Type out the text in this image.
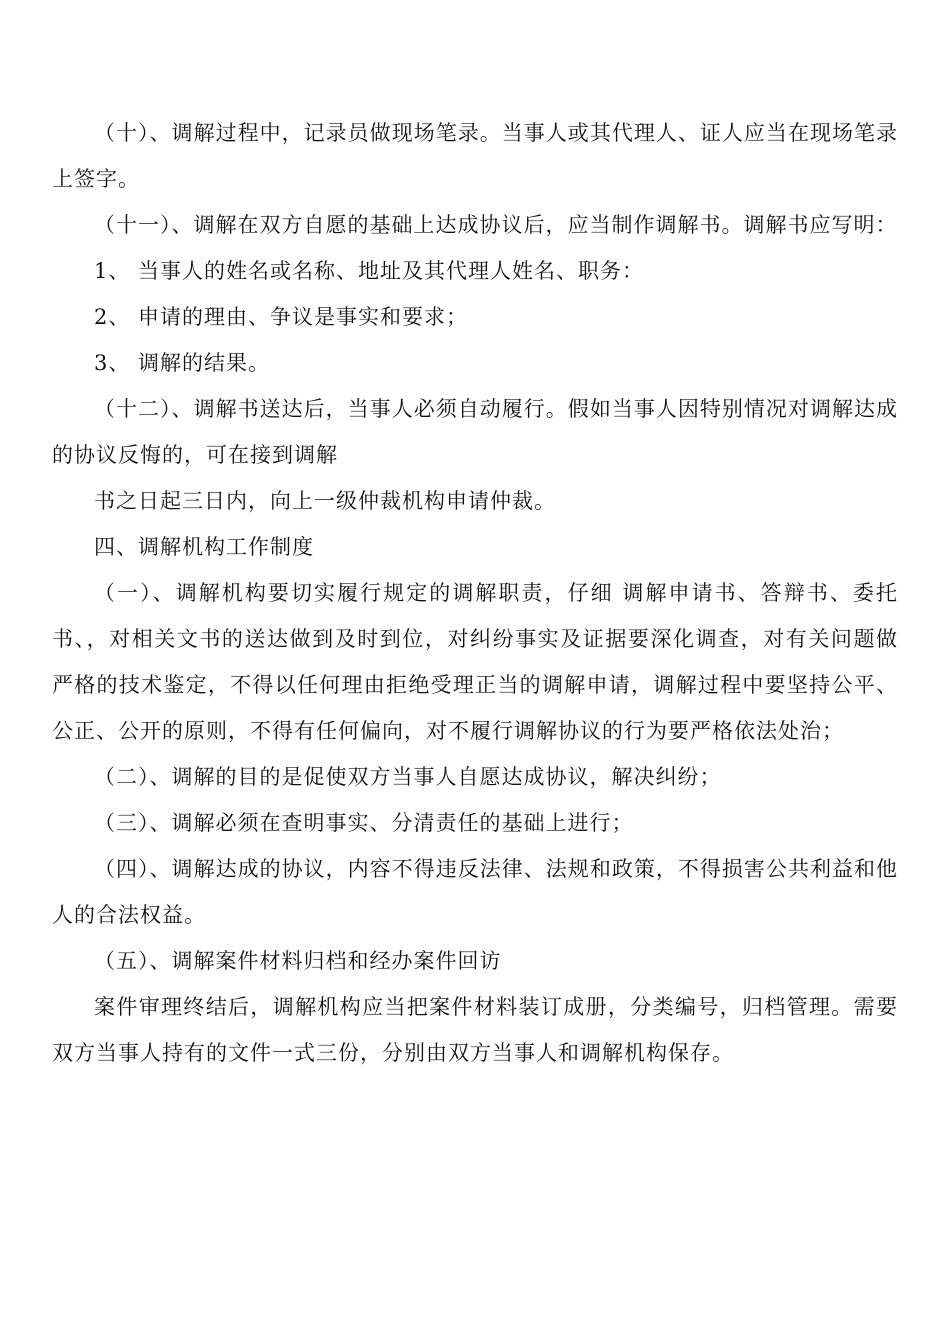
（十）、调解过程中，记录员做现场笔录。当事人或其代理人、证人应当在现场笔录上签字。

（十一）、调解在双方自愿的基础上达成协议后，应当制作调解书。调解书应写明：

1、 当事人的姓名或名称、地址及其代理人姓名、职务：

2、 申请的理由、争议是事实和要求；

3、 调解的结果。

（十二）、调解书送达后，当事人必须自动履行。假如当事人因特别情况对调解达成的协议反悔的，可在接到调解

书之日起三日内，向上一级仲裁机构申请仲裁。

四、调解机构工作制度

（一）、调解机构要切实履行规定的调解职责，仔细 调解申请书、答辩书、委托书、，对相关文书的送达做到及时到位，对纠纷事实及证据要深化调查，对有关问题做严格的技术鉴定，不得以任何理由拒绝受理正当的调解申请，调解过程中要坚持公平、公正、公开的原则，不得有任何偏向，对不履行调解协议的行为要严格依法处治；

（二）、调解的目的是促使双方当事人自愿达成协议，解决纠纷；

（三）、调解必须在查明事实、分清责任的基础上进行；

（四）、调解达成的协议，内容不得违反法律、法规和政策，不得损害公共利益和他人的合法权益。

（五）、调解案件材料归档和经办案件回访

案件审理终结后，调解机构应当把案件材料装订成册，分类编号，归档管理。需要双方当事人持有的文件一式三份，分别由双方当事人和调解机构保存。
